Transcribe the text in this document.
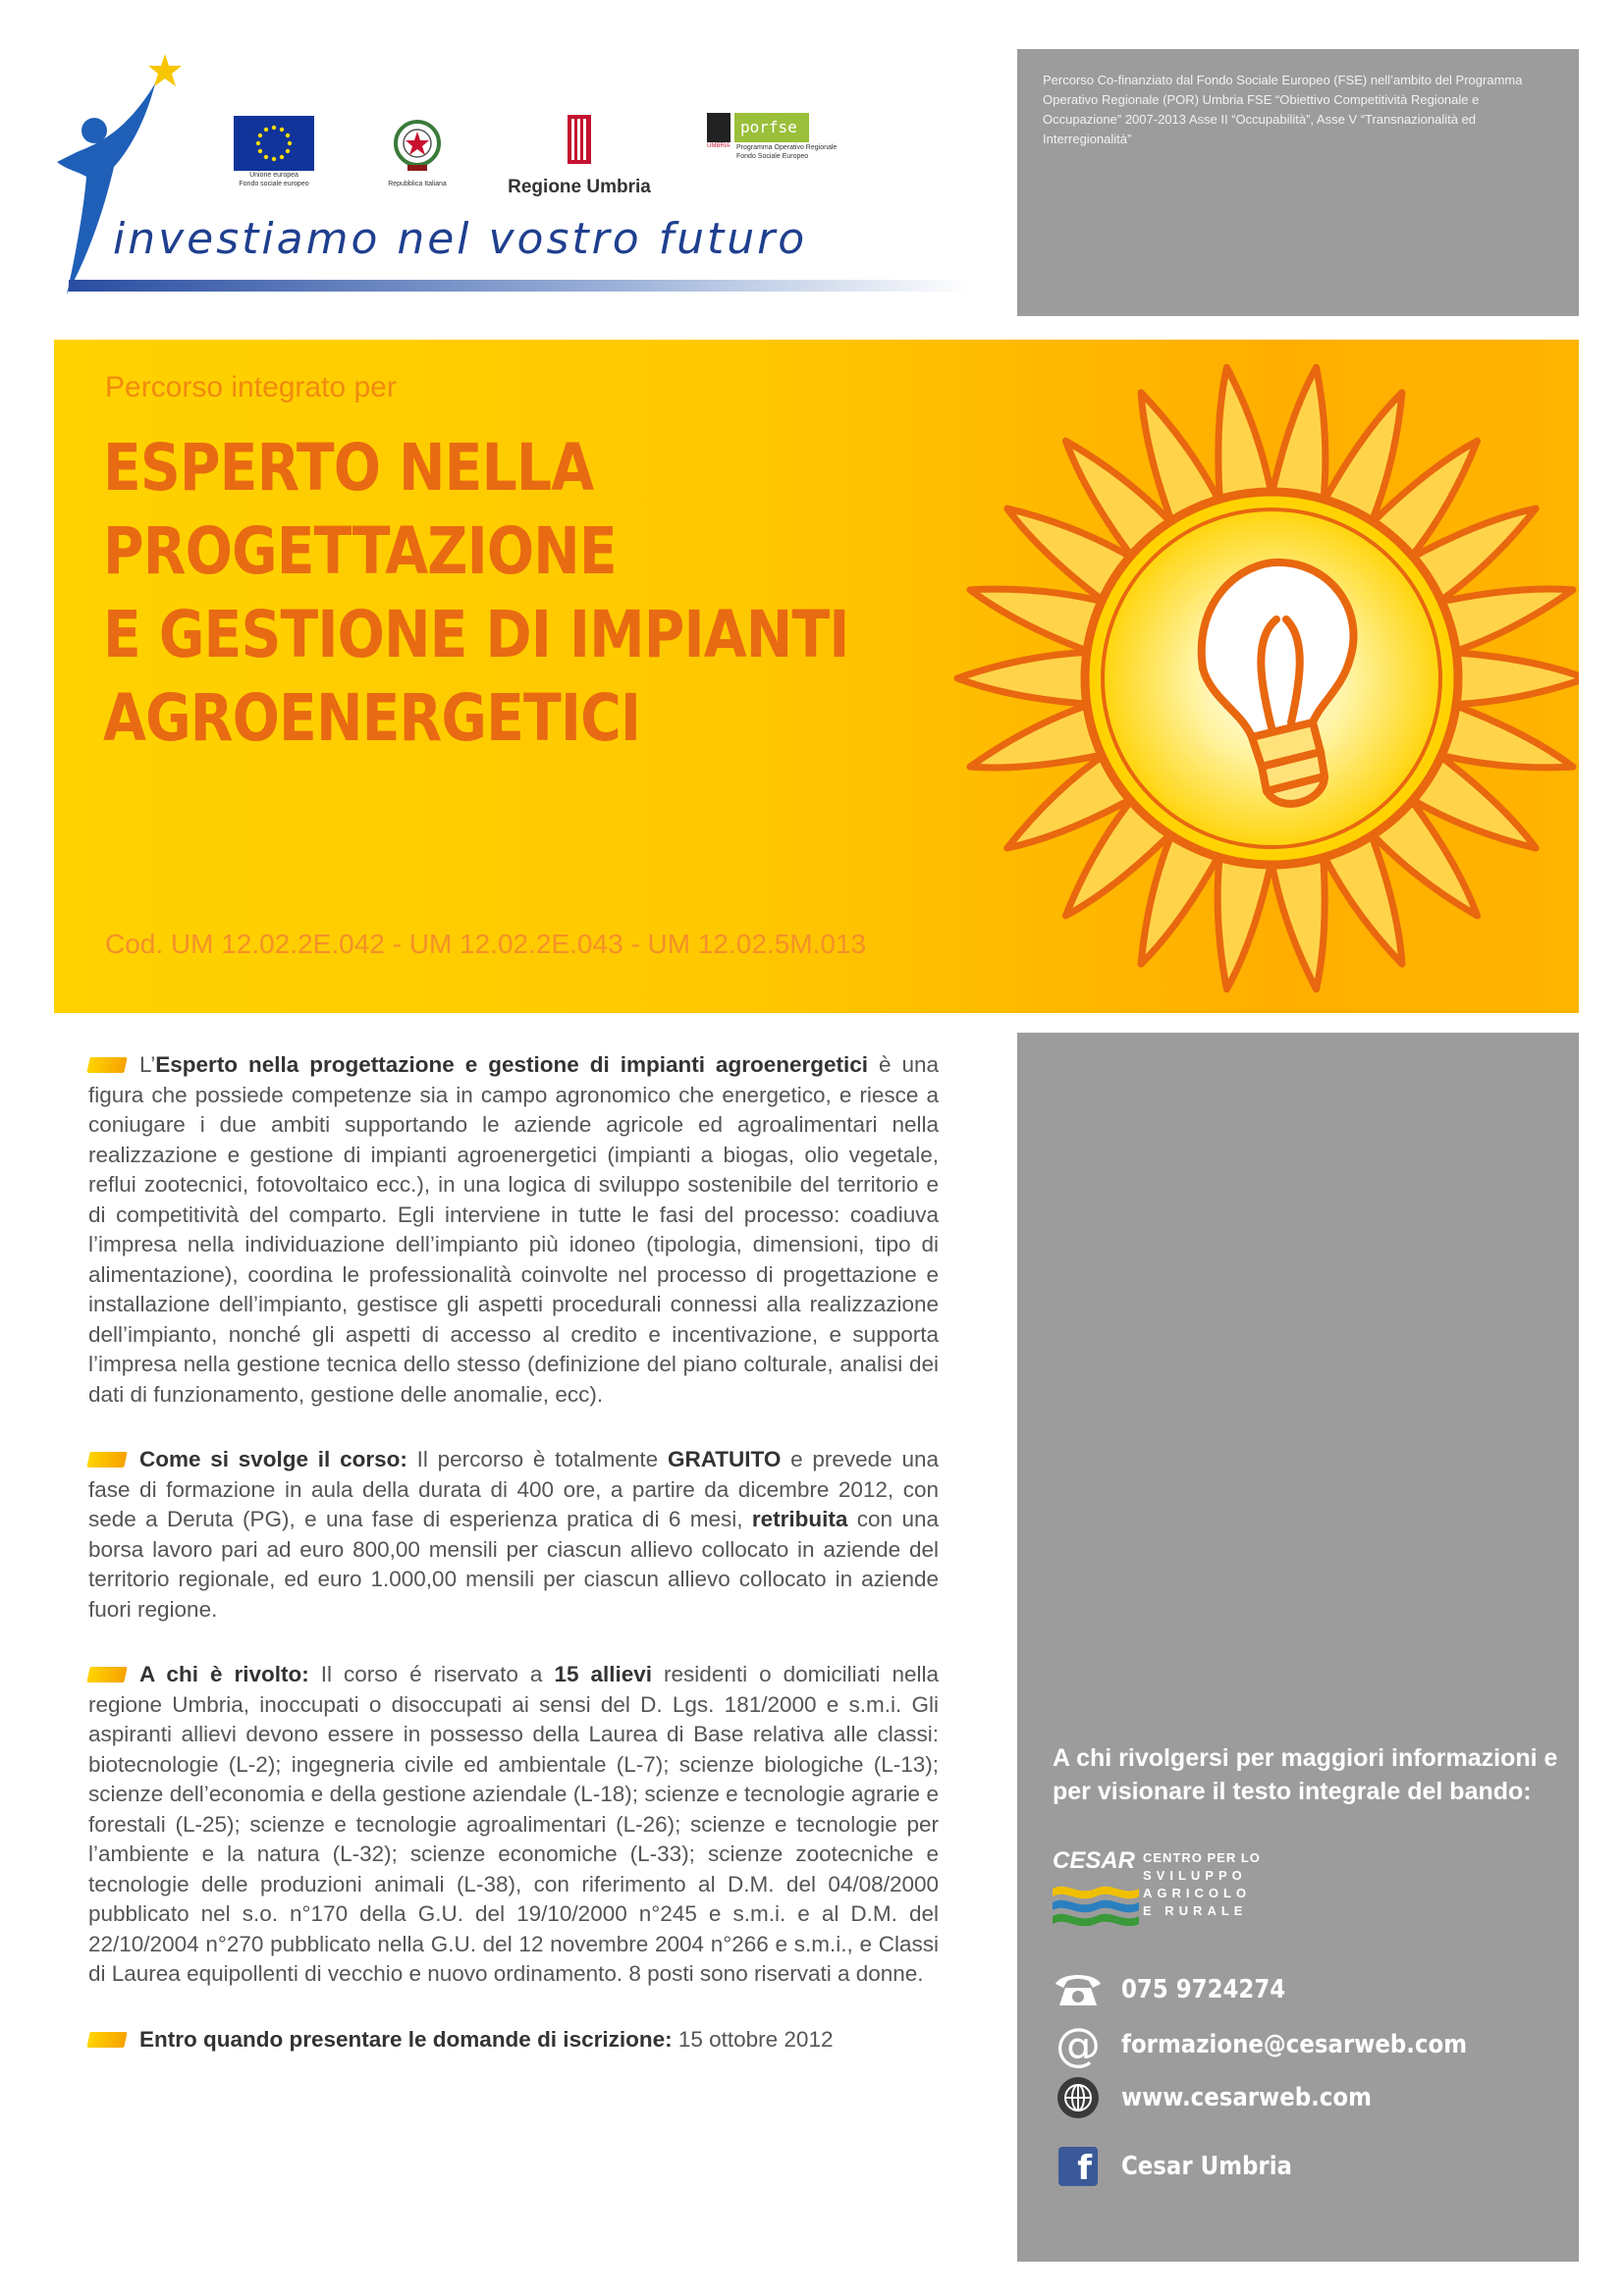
Unione europea
Fondo sociale europeo	Repubblica Italiana	Regione Umbria
porfse
UMBRIA Programma Operativo Regionale
Fondo Sociale Europeo
investiamo nel vostro futuro

Percorso Co-finanziato dal Fondo Sociale Europeo (FSE) nell’ambito del Programma Operativo Regionale (POR) Umbria FSE “Obiettivo Competitività Regionale e Occupazione” 2007-2013 Asse II “Occupabilità”, Asse V “Transnazionalità ed Interregionalità”

Percorso integrato per
ESPERTO NELLA
PROGETTAZIONE
E GESTIONE DI IMPIANTI
AGROENERGETICI
Cod. UM 12.02.2E.042 - UM 12.02.2E.043 - UM 12.02.5M.013

L’Esperto nella progettazione e gestione di impianti agroenergetici è una figura che possiede competenze sia in campo agronomico che energetico, e riesce a coniugare i due ambiti supportando le aziende agricole ed agroalimentari nella realizzazione e gestione di impianti agroenergetici (impianti a biogas, olio vegetale, reflui zootecnici, fotovoltaico ecc.), in una logica di sviluppo sostenibile del territorio e di competitività del comparto. Egli interviene in tutte le fasi del processo: coadiuva l’impresa nella individuazione dell’impianto più idoneo (tipologia, dimensioni, tipo di alimentazione), coordina le professionalità coinvolte nel processo di progettazione e installazione dell’impianto, gestisce gli aspetti procedurali connessi alla realizzazione dell’impianto, nonché gli aspetti di accesso al credito e incentivazione, e supporta l’impresa nella gestione tecnica dello stesso (definizione del piano colturale, analisi dei dati di funzionamento, gestione delle anomalie, ecc).

Come si svolge il corso: Il percorso è totalmente GRATUITO e prevede una fase di formazione in aula della durata di 400 ore, a partire da dicembre 2012, con sede a Deruta (PG), e una fase di esperienza pratica di 6 mesi, retribuita con una borsa lavoro pari ad euro 800,00 mensili per ciascun allievo collocato in aziende del territorio regionale, ed euro 1.000,00 mensili per ciascun allievo collocato in aziende fuori regione.

A chi è rivolto: Il corso é riservato a 15 allievi residenti o domiciliati nella regione Umbria, inoccupati o disoccupati ai sensi del D. Lgs. 181/2000 e s.m.i. Gli aspiranti allievi devono essere in possesso della Laurea di Base relativa alle classi: biotecnologie (L-2); ingegneria civile ed ambientale (L-7); scienze biologiche (L-13); scienze dell’economia e della gestione aziendale (L-18); scienze e tecnologie agrarie e forestali (L-25); scienze e tecnologie agroalimentari (L-26); scienze e tecnologie per l’ambiente e la natura (L-32); scienze economiche (L-33); scienze zootecniche e tecnologie delle produzioni animali (L-38), con riferimento al D.M. del 04/08/2000 pubblicato nel s.o. n°170 della G.U. del 19/10/2000 n°245 e s.m.i. e al D.M. del 22/10/2004 n°270 pubblicato nella G.U. del 12 novembre 2004 n°266 e s.m.i., e Classi di Laurea equipollenti di vecchio e nuovo ordinamento. 8 posti sono riservati a donne.

Entro quando presentare le domande di iscrizione: 15 ottobre 2012

A chi rivolgersi per maggiori informazioni e per visionare il testo integrale del bando:
CESAR CENTRO PER LO
SVILUPPO
AGRICOLO
E RURALE
075 9724274
@ formazione@cesarweb.com
www.cesarweb.com
f Cesar Umbria
